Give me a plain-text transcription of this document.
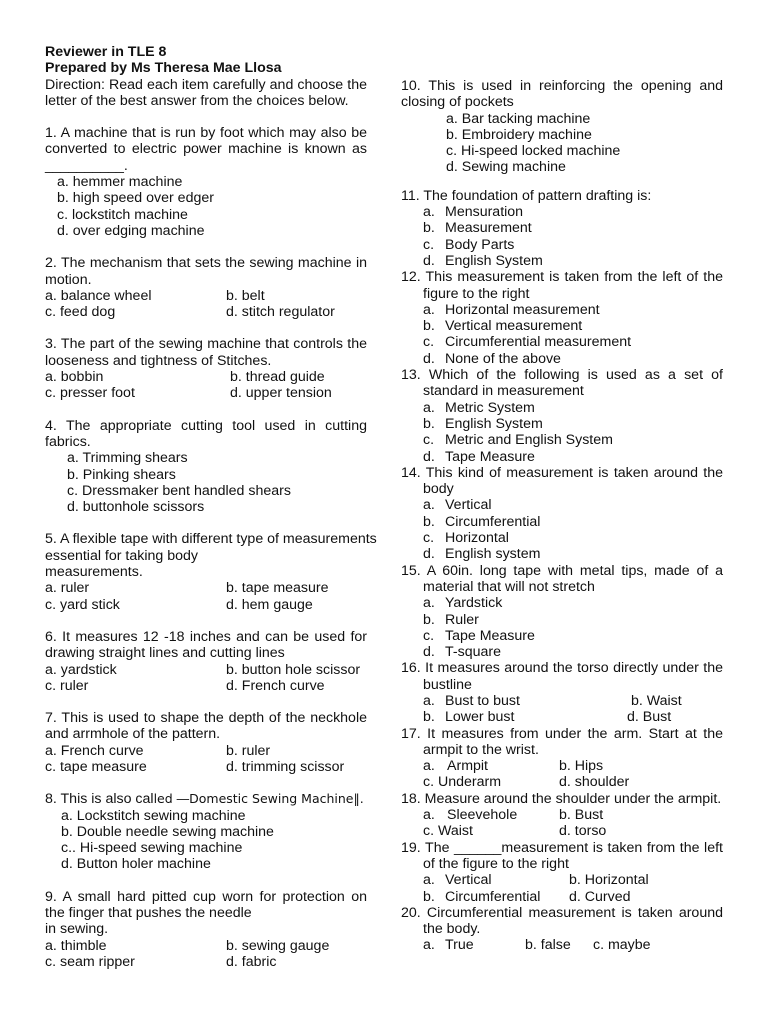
Reviewer in TLE 8

Prepared by Ms Theresa Mae Llosa

Direction: Read each item carefully and choose the letter of the best answer from the choices below.

1. A machine that is run by foot which may also be converted to electric power machine is known as __________.

a. hemmer machine
b. high speed over edger
c. lockstitch machine
d. over edging machine

2. The mechanism that sets the sewing machine in motion.

a. balance wheel	b. belt
c. feed dog	d. stitch regulator

3. The part of the sewing machine that controls the looseness and tightness of Stitches.

a. bobbin	b. thread guide
c. presser foot	d. upper tension

4. The appropriate cutting tool used in cutting fabrics.

a. Trimming shears
b. Pinking shears
c. Dressmaker bent handled shears
d. buttonhole scissors
5. A flexible tape with different type of measurements
essential for taking body
measurements.
a. ruler	b. tape measure
c. yard stick	d. hem gauge

6. It measures 12 -18 inches and can be used for drawing straight lines and cutting lines

a. yardstick	b. button hole scissor
c. ruler	d. French curve

7. This is used to shape the depth of the neckhole and arrmhole of the pattern.

a. French curve	b. ruler
c. tape measure	d. trimming scissor
8. This is also called ―Domestic Sewing Machine‖.
a. Lockstitch sewing machine
b. Double needle sewing machine
c.. Hi-speed sewing machine
d. Button holer machine

9. A small hard pitted cup worn for protection on the finger that pushes the needle

in sewing.
a. thimble	b. sewing gauge
c. seam ripper	d. fabric

10. This is used in reinforcing the opening and closing of pockets

a. Bar tacking machine
b. Embroidery machine
c. Hi-speed locked machine
d. Sewing machine

11. The foundation of pattern drafting is:

a. Mensuration
b. Measurement
c. Body Parts
d. English System

12. This measurement is taken from the left of the figure to the right

a. Horizontal measurement
b. Vertical measurement
c. Circumferential measurement
d. None of the above

13. Which of the following is used as a set of standard in measurement

a. Metric System
b. English System
c. Metric and English System
d. Tape Measure

14. This kind of measurement is taken around the body

a. Vertical
b. Circumferential
c. Horizontal
d. English system

15. A 60in. long tape with metal tips, made of a material that will not stretch

a. Yardstick
b. Ruler
c. Tape Measure
d. T-square

16. It measures around the torso directly under the bustline

a. Bust to bust	b. Waist
b. Lower bust	d. Bust

17. It measures from under the arm. Start at the armpit to the wrist.

a. Armpit	b. Hips
c. Underarm	d. shoulder

18. Measure around the shoulder under the armpit.

a. Sleevehole	b. Bust
c. Waist	d. torso

19. The ______measurement is taken from the left of the figure to the right

a. Vertical	b. Horizontal
b. Circumferential	d. Curved

20. Circumferential measurement is taken around the body.

a. True	b. false	c. maybe
